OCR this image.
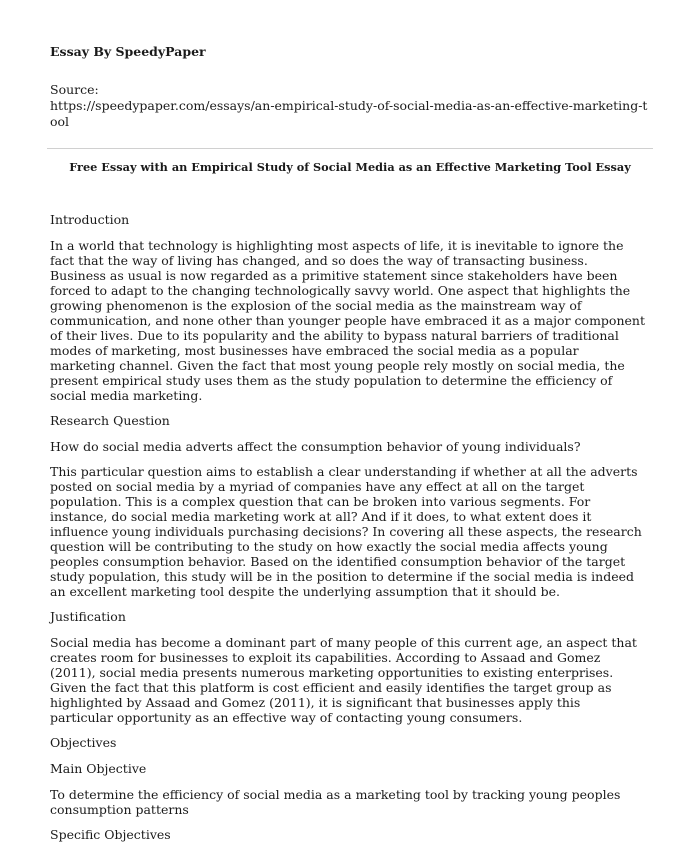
Essay By SpeedyPaper
Source:
https://speedypaper.com/essays/an-empirical-study-of-social-media-as-an-effective-marketing-tool
Free Essay with an Empirical Study of Social Media as an Effective Marketing Tool Essay
Introduction

In a world that technology is highlighting most aspects of life, it is inevitable to ignore the fact that the way of living has changed, and so does the way of transacting business. Business as usual is now regarded as a primitive statement since stakeholders have been forced to adapt to the changing technologically savvy world. One aspect that highlights the growing phenomenon is the explosion of the social media as the mainstream way of communication, and none other than younger people have embraced it as a major component of their lives. Due to its popularity and the ability to bypass natural barriers of traditional modes of marketing, most businesses have embraced the social media as a popular marketing channel. Given the fact that most young people rely mostly on social media, the present empirical study uses them as the study population to determine the efficiency of social media marketing.

Research Question

How do social media adverts affect the consumption behavior of young individuals?

This particular question aims to establish a clear understanding if whether at all the adverts posted on social media by a myriad of companies have any effect at all on the target population. This is a complex question that can be broken into various segments. For instance, do social media marketing work at all? And if it does, to what extent does it influence young individuals purchasing decisions? In covering all these aspects, the research question will be contributing to the study on how exactly the social media affects young peoples consumption behavior. Based on the identified consumption behavior of the target study population, this study will be in the position to determine if the social media is indeed an excellent marketing tool despite the underlying assumption that it should be.

Justification

Social media has become a dominant part of many people of this current age, an aspect that creates room for businesses to exploit its capabilities. According to Assaad and Gomez (2011), social media presents numerous marketing opportunities to existing enterprises. Given the fact that this platform is cost efficient and easily identifies the target group as highlighted by Assaad and Gomez (2011), it is significant that businesses apply this particular opportunity as an effective way of contacting young consumers.

Objectives
Main Objective

To determine the efficiency of social media as a marketing tool by tracking young peoples consumption patterns

Specific Objectives
